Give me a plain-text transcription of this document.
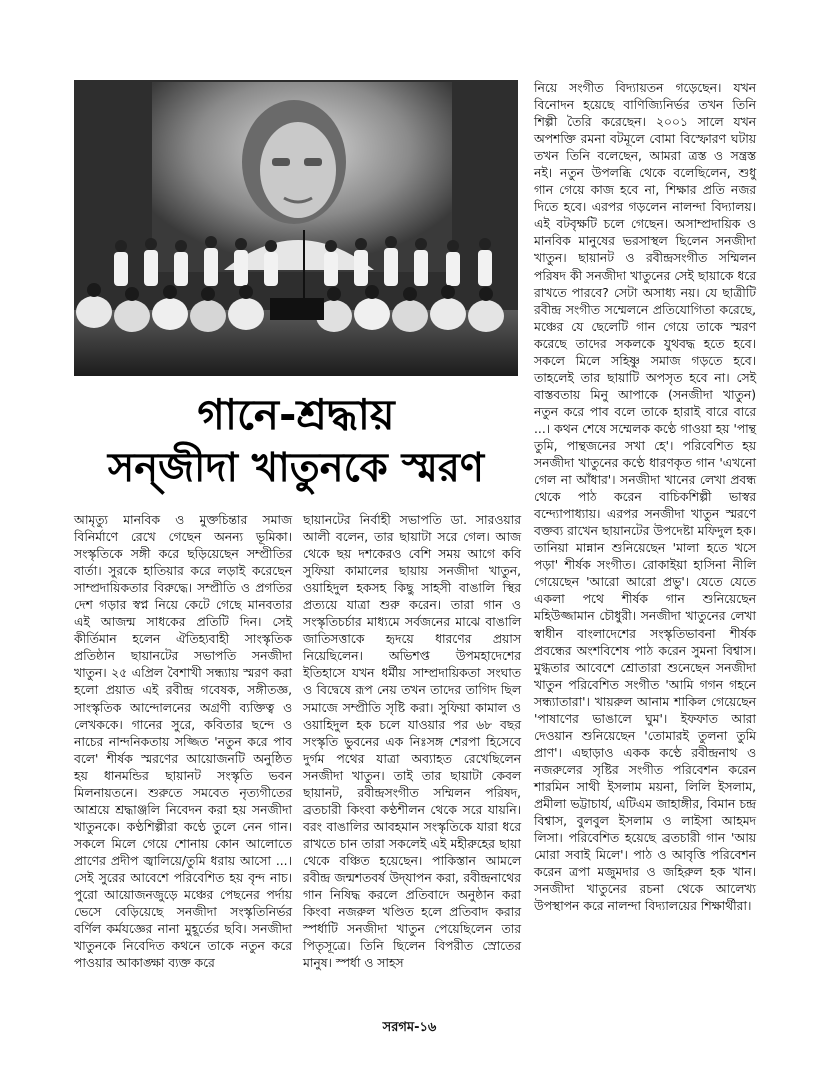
গানে-শ্রদ্ধায়
সন্‌জীদা খাতুনকে স্মরণ

আমৃত্যু মানবিক ও মুক্তচিন্তার সমাজ বিনির্মাণে রেখে গেছেন অনন্য ভূমিকা। সংস্কৃতিকে সঙ্গী করে ছড়িয়েছেন সম্প্রীতির বার্তা। সুরকে হাতিয়ার করে লড়াই করেছেন সাম্প্রদায়িকতার বিরুদ্ধে। সম্প্রীতি ও প্রগতির দেশ গড়ার স্বপ্ন নিয়ে কেটে গেছে মানবতার এই আজন্ম সাধকের প্রতিটি দিন। সেই কীর্তিমান হলেন ঐতিহ্যবাহী সাংস্কৃতিক প্রতিষ্ঠান ছায়ানটের সভাপতি সনজীদা খাতুন। ২৫ এপ্রিল বৈশাখী সন্ধ্যায় স্মরণ করা হলো প্রয়াত এই রবীন্দ্র গবেষক, সঙ্গীতজ্ঞ, সাংস্কৃতিক আন্দোলনের অগ্রণী ব্যক্তিত্ব ও লেখককে। গানের সুরে, কবিতার ছন্দে ও নাচের নান্দনিকতায় সজ্জিত 'নতুন করে পাব বলে' শীর্ষক স্মরণের আয়োজনটি অনুষ্ঠিত হয় ধানমন্ডির ছায়ানট সংস্কৃতি ভবন মিলনায়তনে। শুরুতে সমবেত নৃত্যগীতের আশ্রয়ে শ্রদ্ধাঞ্জলি নিবেদন করা হয় সনজীদা খাতুনকে। কণ্ঠশিল্পীরা কণ্ঠে তুলে নেন গান। সকলে মিলে গেয়ে শোনায় কোন আলোতে প্রাণের প্রদীপ জ্বালিয়ে/তুমি ধরায় আসো ...। সেই সুরের আবেশে পরিবেশিত হয় বৃন্দ নাচ। পুরো আয়োজনজুড়ে মঞ্চের পেছনের পর্দায় ভেসে বেড়িয়েছে সনজীদা সংস্কৃতিনির্ভর বর্ণিল কর্মযজ্ঞের নানা মুহূর্তের ছবি। সনজীদা খাতুনকে নিবেদিত কথনে তাকে নতুন করে পাওয়ার আকাঙ্ক্ষা ব্যক্ত করে

ছায়ানটের নির্বাহী সভাপতি ডা. সারওয়ার আলী বলেন, তার ছায়াটা সরে গেল। আজ থেকে ছয় দশকেরও বেশি সময় আগে কবি সুফিয়া কামালের ছায়ায় সনজীদা খাতুন, ওয়াহিদুল হকসহ কিছু সাহসী বাঙালি স্থির প্রত্যয়ে যাত্রা শুরু করেন। তারা গান ও সংস্কৃতিচর্চার মাধ্যমে সর্বজনের মাঝে বাঙালি জাতিসত্তাকে হৃদয়ে ধারণের প্রয়াস নিয়েছিলেন। অভিশপ্ত উপমহাদেশের ইতিহাসে যখন ধর্মীয় সাম্প্রদায়িকতা সংঘাত ও বিদ্বেষে রূপ নেয় তখন তাদের তাগিদ ছিল সমাজে সম্প্রীতি সৃষ্টি করা। সুফিয়া কামাল ও ওয়াহিদুল হক চলে যাওয়ার পর ৬৮ বছর সংস্কৃতি ভুবনের এক নিঃসঙ্গ শেরপা হিসেবে দুর্গম পথের যাত্রা অব্যাহত রেখেছিলেন সনজীদা খাতুন। তাই তার ছায়াটা কেবল ছায়ানট, রবীন্দ্রসংগীত সম্মিলন পরিষদ, ব্রতচারী কিংবা কণ্ঠশীলন থেকে সরে যায়নি। বরং বাঙালির আবহমান সংস্কৃতিকে যারা ধরে রাখতে চান তারা সকলেই এই মহীরুহের ছায়া থেকে বঞ্চিত হয়েছেন। পাকিস্তান আমলে রবীন্দ্র জন্মশতবর্ষ উদ্‌যাপন করা, রবীন্দ্রনাথের গান নিষিদ্ধ করলে প্রতিবাদে অনুষ্ঠান করা কিংবা নজরুল খণ্ডিত হলে প্রতিবাদ করার স্পর্ধাটি সনজীদা খাতুন পেয়েছিলেন তার পিতৃসূত্রে। তিনি ছিলেন বিপরীত স্রোতের মানুষ। স্পর্ধা ও সাহস

নিয়ে সংগীত বিদ্যায়তন গড়েছেন। যখন বিনোদন হয়েছে বাণিজ্যিনির্ভর তখন তিনি শিল্পী তৈরি করেছেন। ২০০১ সালে যখন অপশক্তি রমনা বটমূলে বোমা বিস্ফোরণ ঘটায় তখন তিনি বলেছেন, আমরা ত্রস্ত ও সন্ত্রস্ত নই। নতুন উপলব্ধি থেকে বলেছিলেন, শুধু গান গেয়ে কাজ হবে না, শিক্ষার প্রতি নজর দিতে হবে। এরপর গড়লেন নালন্দা বিদ্যালয়। এই বটবৃক্ষটি চলে গেছেন। অসাম্প্রদায়িক ও মানবিক মানুষের ভরসাস্থল ছিলেন সনজীদা খাতুন। ছায়ানট ও রবীন্দ্রসংগীত সম্মিলন পরিষদ কী সনজীদা খাতুনের সেই ছায়াকে ধরে রাখতে পারবে? সেটা অসাধ্য নয়। যে ছাত্রীটি রবীন্দ্র সংগীত সম্মেলনে প্রতিযোগিতা করেছে, মঞ্চের যে ছেলেটি গান গেয়ে তাকে স্মরণ করেছে তাদের সকলকে যুথবদ্ধ হতে হবে। সকলে মিলে সহিষ্ণু সমাজ গড়তে হবে। তাহলেই তার ছায়াটি অপসৃত হবে না। সেই বাস্তবতায় মিনু আপাকে (সনজীদা খাতুন) নতুন করে পাব বলে তাকে হারাই বারে বারে ...। কথন শেষে সম্মেলক কণ্ঠে গাওয়া হয় 'পান্থ তুমি, পান্থজনের সখা হে'। পরিবেশিত হয় সনজীদা খাতুনের কণ্ঠে ধারণকৃত গান 'এখনো গেল না আঁধার'। সনজীদা খানের লেখা প্রবন্ধ থেকে পাঠ করেন বাচিকশিল্পী ভাস্বর বন্দ্যোপাধ্যায়। এরপর সনজীদা খাতুন স্মরণে বক্তব্য রাখেন ছায়ানটের উপদেষ্টা মফিদুল হক। তানিয়া মান্নান শুনিয়েছেন 'মালা হতে খসে পড়া' শীর্ষক সংগীত। রোকাইয়া হাসিনা নীলি গেয়েছেন 'আরো আরো প্রভু'। যেতে যেতে একলা পথে শীর্ষক গান শুনিয়েছেন মহিউজ্জামান চৌধুরী। সনজীদা খাতুনের লেখা স্বাধীন বাংলাদেশের সংস্কৃতিভাবনা শীর্ষক প্রবন্ধের অংশবিশেষ পাঠ করেন সুমনা বিশ্বাস। মুগ্ধতার আবেশে শ্রোতারা শুনেছেন সনজীদা খাতুন পরিবেশিত সংগীত 'আমি গগন গহনে সন্ধ্যাতারা'। খায়রুল আনাম শাকিল গেয়েছেন 'পাষাণের ভাঙালে ঘুম'। ইফফাত আরা দেওয়ান শুনিয়েছেন 'তোমারই তুলনা তুমি প্রাণ'। এছাড়াও একক কণ্ঠে রবীন্দ্রনাথ ও নজরুলের সৃষ্টির সংগীত পরিবেশন করেন শারমিন সাথী ইসলাম ময়না, লিলি ইসলাম, প্রমীলা ভট্টাচার্য, এটিএম জাহাঙ্গীর, বিমান চন্দ্র বিশ্বাস, বুলবুল ইসলাম ও লাইসা আহমদ লিসা। পরিবেশিত হয়েছে ব্রতচারী গান 'আয় মোরা সবাই মিলে'। পাঠ ও আবৃত্তি পরিবেশন করেন ত্রপা মজুমদার ও জহিরুল হক খান। সনজীদা খাতুনের রচনা থেকে আলেখ্য উপস্থাপন করে নালন্দা বিদ্যালয়ের শিক্ষার্থীরা।

সরগম-১৬
